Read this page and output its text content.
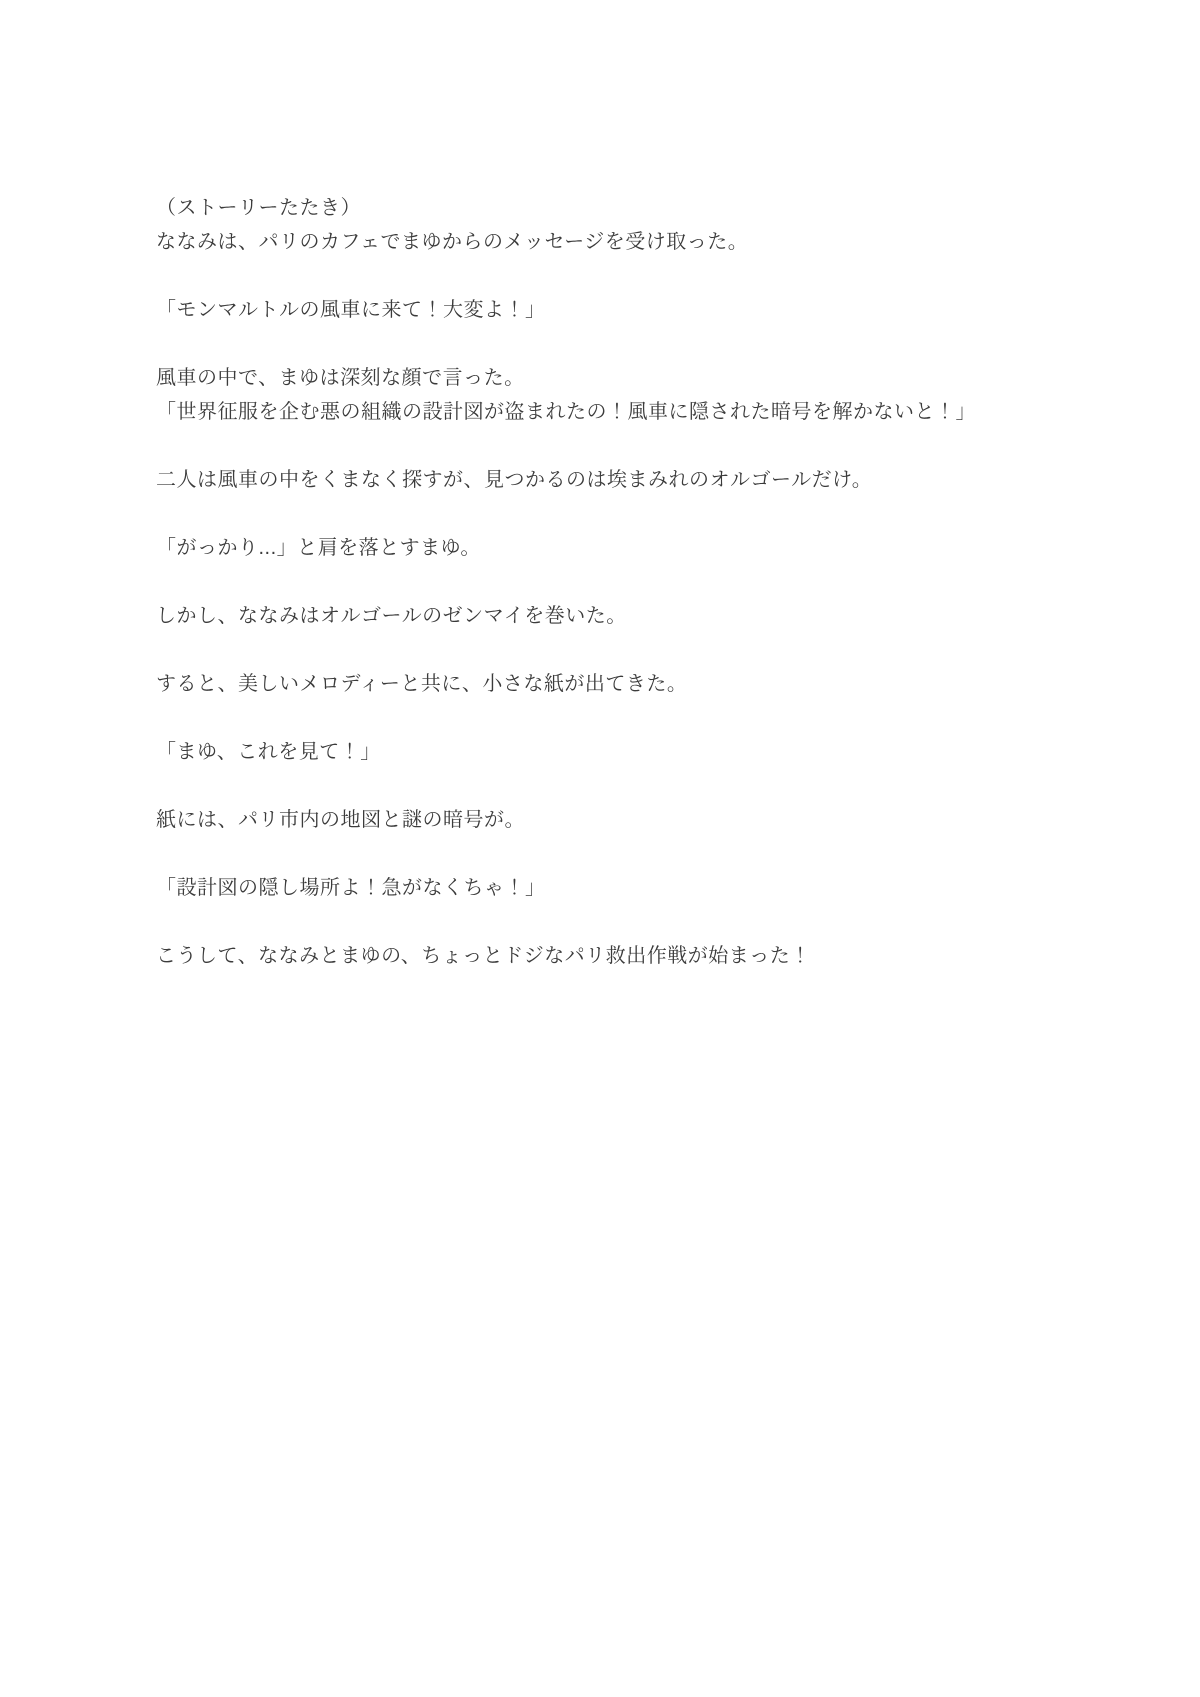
（ストーリーたたき）

ななみは、パリのカフェでまゆからのメッセージを受け取った。

「モンマルトルの風車に来て！大変よ！」

風車の中で、まゆは深刻な顔で言った。

「世界征服を企む悪の組織の設計図が盗まれたの！風車に隠された暗号を解かないと！」

二人は風車の中をくまなく探すが、見つかるのは埃まみれのオルゴールだけ。

「がっかり...」と肩を落とすまゆ。

しかし、ななみはオルゴールのゼンマイを巻いた。

すると、美しいメロディーと共に、小さな紙が出てきた。

「まゆ、これを見て！」

紙には、パリ市内の地図と謎の暗号が。

「設計図の隠し場所よ！急がなくちゃ！」

こうして、ななみとまゆの、ちょっとドジなパリ救出作戦が始まった！
